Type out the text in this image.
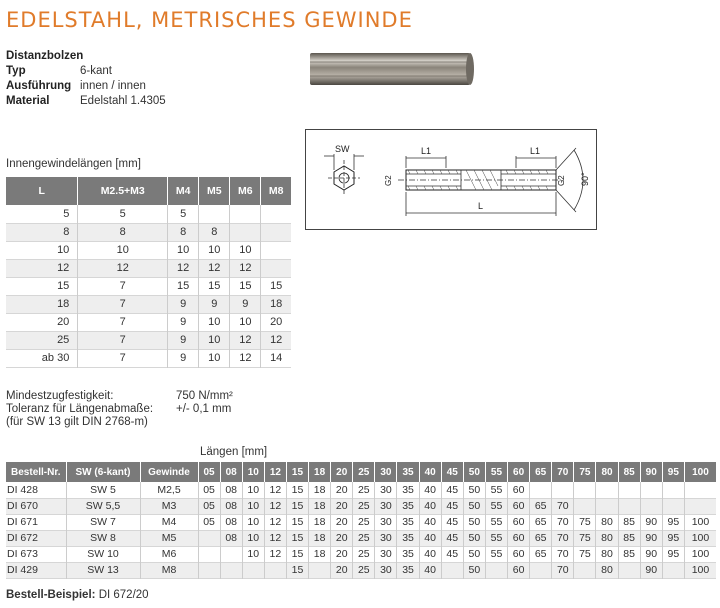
EDELSTAHL, METRISCHES GEWINDE
Distanzbolzen
Typ	6-kant
Ausführung innen / innen
Material	Edelstahl 1.4305
SW	L1	L1
L
G2	G2 90°
Innengewindelängen [mm]
L	M2.5+M3	M4	M5	M6	M8
5	5	5			
8	8	8	8		
10	10	10	10	10	
12	12	12	12	12	
15	7	15	15	15	15
18	7	9	9	9	18
20	7	9	10	10	20
25	7	9	10	12	12
ab 30	7	9	10	12	14
Mindestzugfestigkeit:	750 N/mm²
Toleranz für Längenabmaße:	+/- 0,1 mm
(für SW 13 gilt DIN 2768-m)
Längen [mm]
Bestell-Nr.	SW (6-kant)	Gewinde	05	08	10	12	15	18	20	25	30	35	40	45	50	55	60	65	70	75	80	85	90	95	100
DI 428	SW 5	M2,5	05	08	10	12	15	18	20	25	30	35	40	45	50	55	60								
DI 670	SW 5,5	M3	05	08	10	12	15	18	20	25	30	35	40	45	50	55	60	65	70						
DI 671	SW 7	M4	05	08	10	12	15	18	20	25	30	35	40	45	50	55	60	65	70	75	80	85	90	95	100
DI 672	SW 8	M5		08	10	12	15	18	20	25	30	35	40	45	50	55	60	65	70	75	80	85	90	95	100
DI 673	SW 10	M6			10	12	15	18	20	25	30	35	40	45	50	55	60	65	70	75	80	85	90	95	100
DI 429	SW 13	M8					15		20	25	30	35	40		50		60		70		80		90		100
Bestell-Beispiel: DI 672/20
